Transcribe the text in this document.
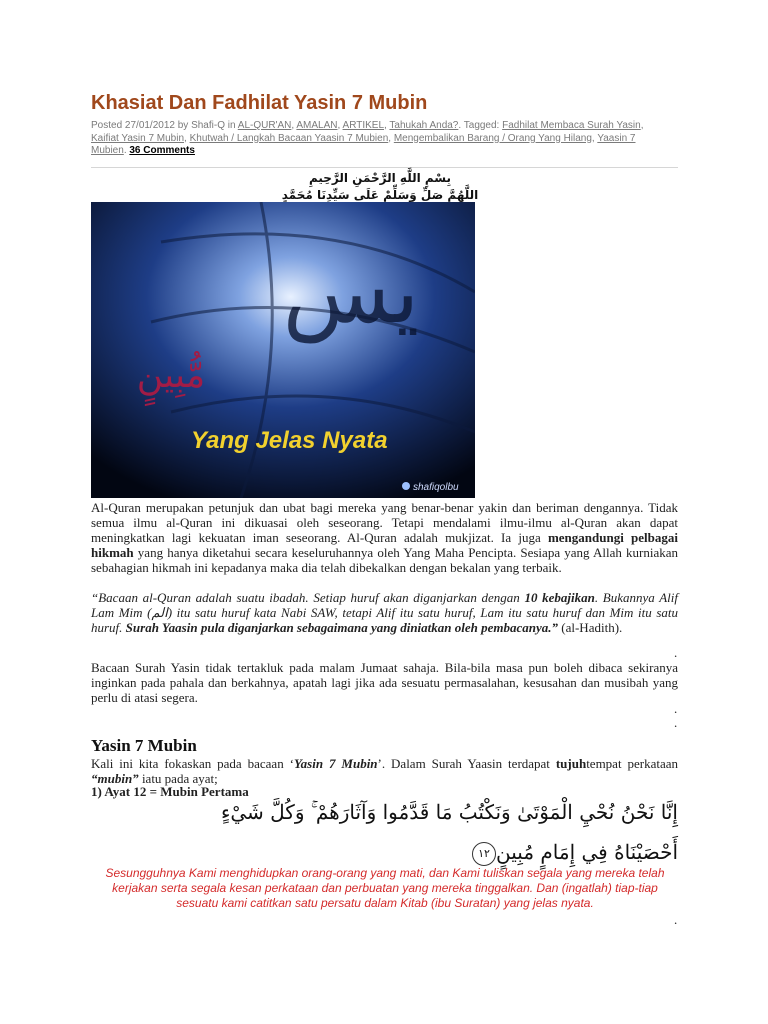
Khasiat Dan Fadhilat Yasin 7 Mubin
Posted 27/01/2012 by Shafi-Q in AL-QUR'AN, AMALAN, ARTIKEL, Tahukah Anda?. Tagged: Fadhilat Membaca Surah Yasin, Kaifiat Yasin 7 Mubin, Khutwah / Langkah Bacaan Yaasin 7 Mubien, Mengembalikan Barang / Orang Yang Hilang, Yaasin 7 Mubien. 36 Comments
بِسْمِ اللَّهِ الرَّحْمَنِ الرَّحِيمِ
اللَّهُمَّ صَلِّ وَسَلِّمْ عَلَى سَيِّدِنَا مُحَمَّدٍ
يس
مُّبِينٍ
Yang Jelas Nyata
shafiqolbu

Al-Quran merupakan petunjuk dan ubat bagi mereka yang benar-benar yakin dan beriman dengannya. Tidak semua ilmu al-Quran ini dikuasai oleh seseorang. Tetapi mendalami ilmu-ilmu al-Quran akan dapat meningkatkan lagi kekuatan iman seseorang. Al-Quran adalah mukjizat. Ia juga mengandungi pelbagai hikmah yang hanya diketahui secara keseluruhannya oleh Yang Maha Pencipta. Sesiapa yang Allah kurniakan sebahagian hikmah ini kepadanya maka dia telah dibekalkan dengan bekalan yang terbaik.

“Bacaan al-Quran adalah suatu ibadah. Setiap huruf akan diganjarkan dengan 10 kebajikan. Bukannya Alif Lam Mim (الم) itu satu huruf kata Nabi SAW, tetapi Alif itu satu huruf, Lam itu satu huruf dan Mim itu satu huruf. Surah Yaasin pula diganjarkan sebagaimana yang diniatkan oleh pembacanya.” (al-Hadith).

.

Bacaan Surah Yasin tidak tertakluk pada malam Jumaat sahaja. Bila-bila masa pun boleh dibaca sekiranya inginkan pada pahala dan berkahnya, apatah lagi jika ada sesuatu permasalahan, kesusahan dan musibah yang perlu di atasi segera.

.
.
Yasin 7 Mubin

Kali ini kita fokaskan pada bacaan ‘Yasin 7 Mubin’. Dalam Surah Yaasin terdapat tujuhtempat perkataan “mubin” iatu pada ayat;

1) Ayat 12 = Mubin Pertama
إِنَّا نَحْنُ نُحْيِ الْمَوْتَىٰ وَنَكْتُبُ مَا قَدَّمُوا وَآثَارَهُمْ ۚ وَكُلَّ شَيْءٍ
أَحْصَيْنَاهُ فِي إِمَامٍ مُبِينٍ١٢

Sesungguhnya Kami menghidupkan orang-orang yang mati, dan Kami tuliskan segala yang mereka telah kerjakan serta segala kesan perkataan dan perbuatan yang mereka tinggalkan. Dan (ingatlah) tiap-tiap sesuatu kami catitkan satu persatu dalam Kitab (ibu Suratan) yang jelas nyata.

.
